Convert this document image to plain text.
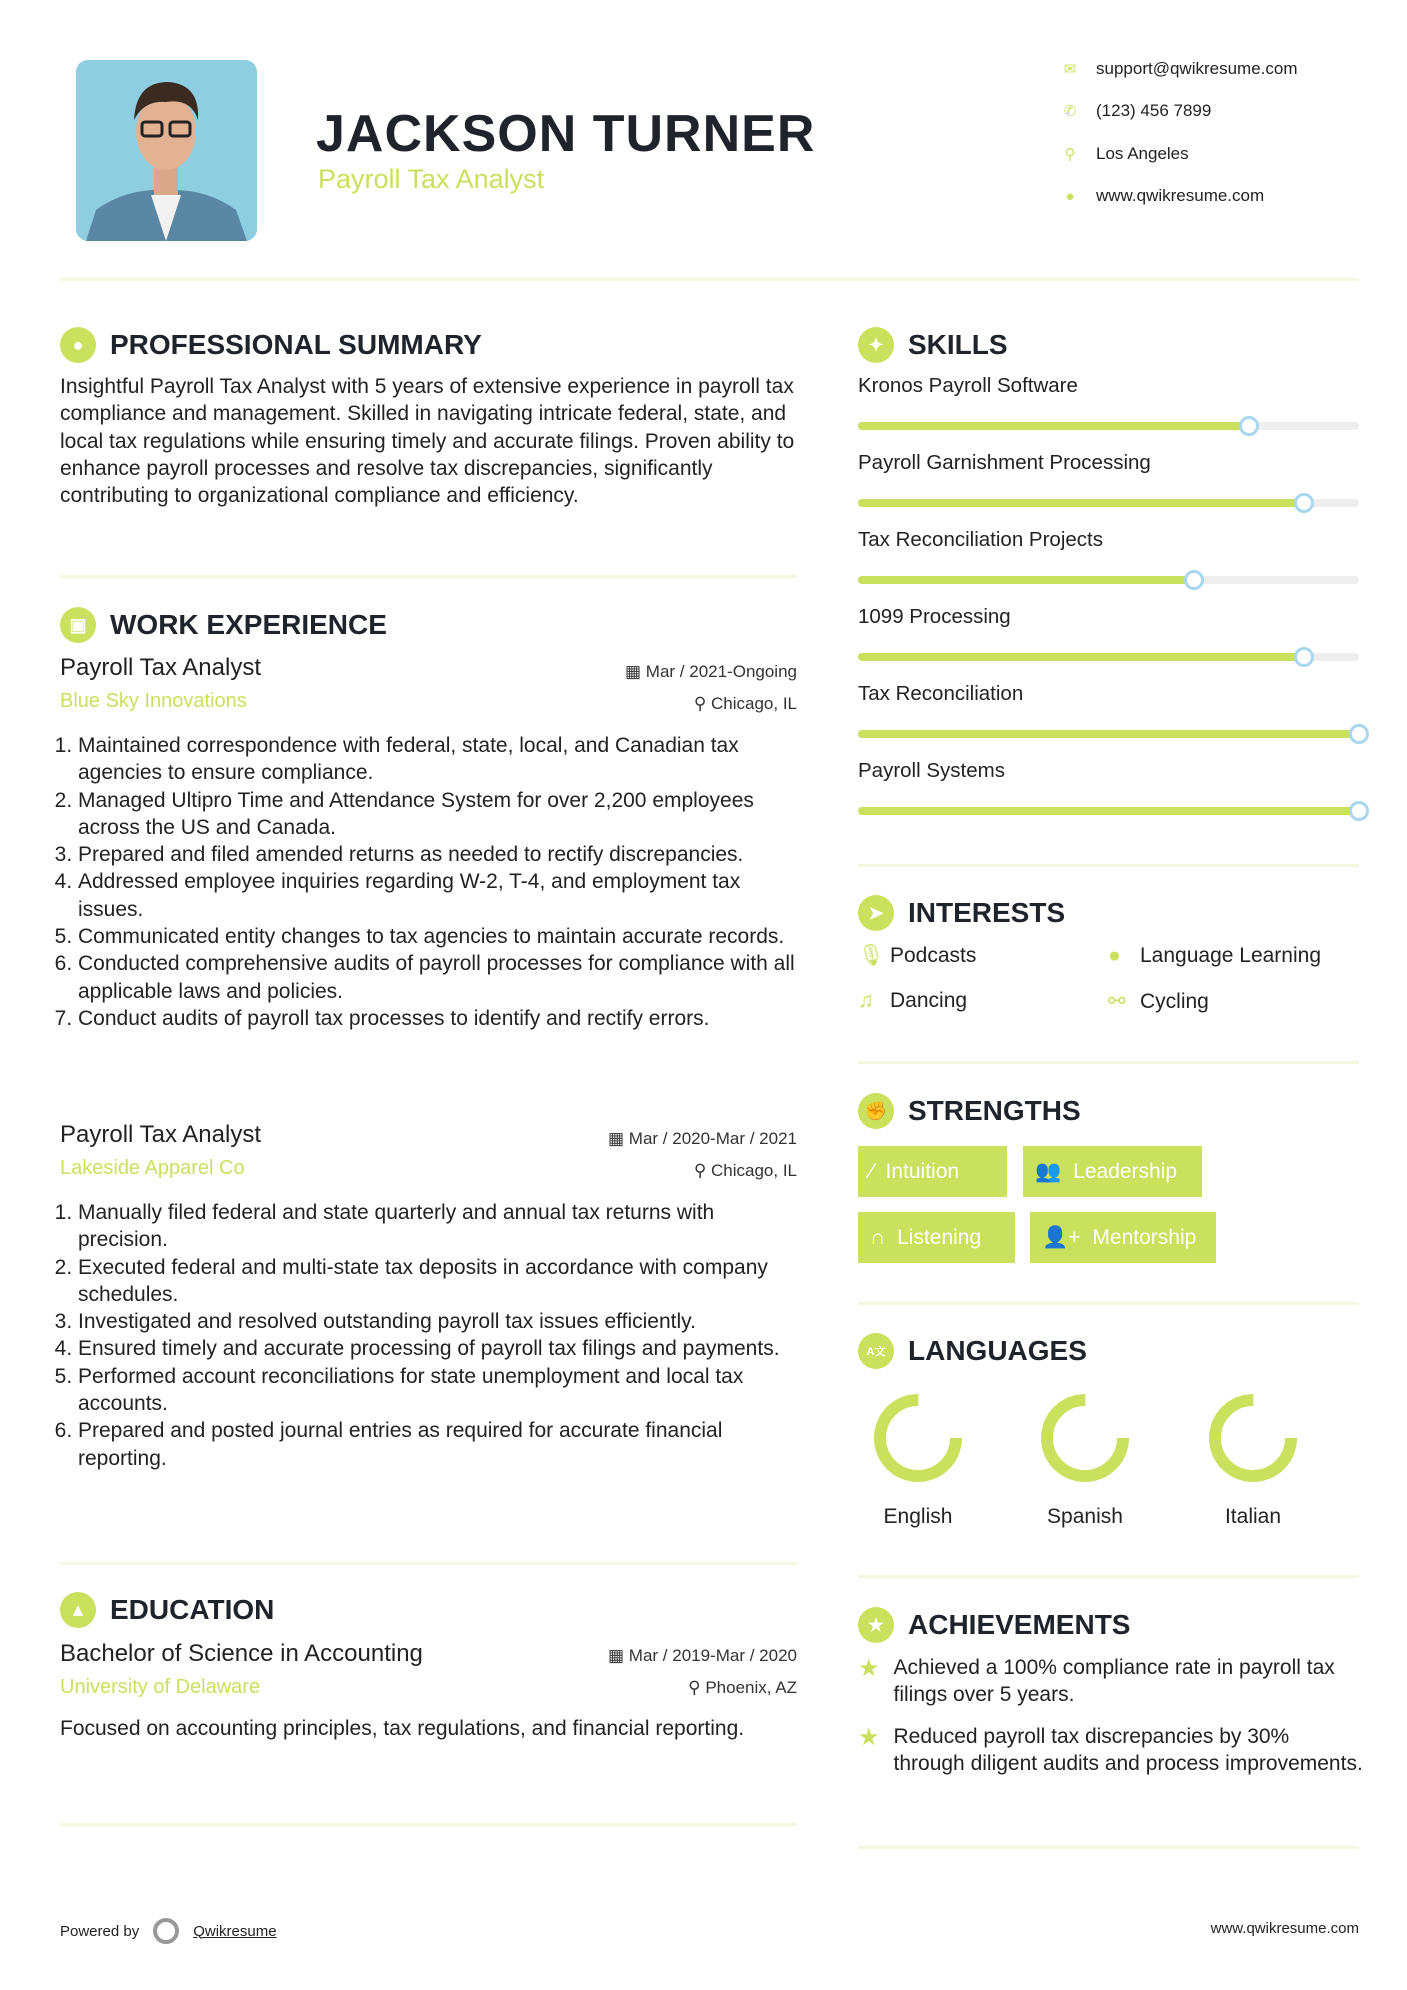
JACKSON TURNER
Payroll Tax Analyst
✉ support@qwikresume.com
✆ (123) 456 7899
⚲ Los Angeles
● www.qwikresume.com
● PROFESSIONAL SUMMARY
Insightful Payroll Tax Analyst with 5 years of extensive experience in payroll tax compliance and management. Skilled in navigating intricate federal, state, and local tax regulations while ensuring timely and accurate filings. Proven ability to enhance payroll processes and resolve tax discrepancies, significantly contributing to organizational compliance and efficiency.
▣ WORK EXPERIENCE
Payroll Tax Analyst
Blue Sky Innovations
▦ Mar / 2021-Ongoing
⚲ Chicago, IL
1. Maintained correspondence with federal, state, local, and Canadian tax agencies to ensure compliance.
2. Managed Ultipro Time and Attendance System for over 2,200 employees across the US and Canada.
3. Prepared and filed amended returns as needed to rectify discrepancies.
4. Addressed employee inquiries regarding W-2, T-4, and employment tax issues.
5. Communicated entity changes to tax agencies to maintain accurate records.
6. Conducted comprehensive audits of payroll processes for compliance with all applicable laws and policies.
7. Conduct audits of payroll tax processes to identify and rectify errors.
Payroll Tax Analyst
Lakeside Apparel Co
▦ Mar / 2020-Mar / 2021
⚲ Chicago, IL
1. Manually filed federal and state quarterly and annual tax returns with precision.
2. Executed federal and multi-state tax deposits in accordance with company schedules.
3. Investigated and resolved outstanding payroll tax issues efficiently.
4. Ensured timely and accurate processing of payroll tax filings and payments.
5. Performed account reconciliations for state unemployment and local tax accounts.
6. Prepared and posted journal entries as required for accurate financial reporting.
▲ EDUCATION
Bachelor of Science in Accounting
University of Delaware
▦ Mar / 2019-Mar / 2020
⚲ Phoenix, AZ
Focused on accounting principles, tax regulations, and financial reporting.
✦ SKILLS
Kronos Payroll Software
Payroll Garnishment Processing
Tax Reconciliation Projects
1099 Processing
Tax Reconciliation
Payroll Systems
➤ INTERESTS
🎙 Podcasts	● Language Learning
♫ Dancing	⚯ Cycling
✊ STRENGTHS
⁄ Intuition	👥 Leadership
∩ Listening	👤+ Mentorship
A文 LANGUAGES
English	Spanish	Italian
★ ACHIEVEMENTS
★ Achieved a 100% compliance rate in payroll tax filings over 5 years.
★ Reduced payroll tax discrepancies by 30% through diligent audits and process improvements.
Powered by	Qwikresume	www.qwikresume.com
